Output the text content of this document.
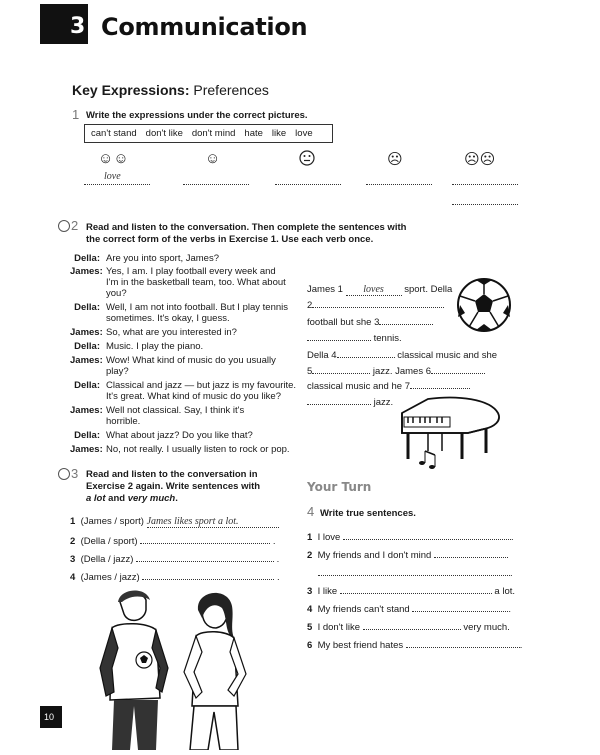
3 Communication
Key Expressions: Preferences
1 Write the expressions under the correct pictures.
can't stand don't like don't mind hate like love
☺☺	☺	☹	☹☹
love
2 Read and listen to the conversation. Then complete the sentences with
the correct form of the verbs in Exercise 1. Use each verb once.
Della: Are you into sport, James?
James: Yes, I am. I play football every week and
I'm in the basketball team, too. What about
you?
Della: Well, I am not into football. But I play tennis
sometimes. It's okay, I guess.
James: So, what are you interested in?
Della: Music. I play the piano.
James: Wow! What kind of music do you usually
play?
Della: Classical and jazz — but jazz is my favourite.
It's great. What kind of music do you like?
James: Well not classical. Say, I think it's
horrible.
Della: What about jazz? Do you like that?
James: No, not really. I usually listen to rock or pop.
James 1 loves sport. Della
2
football but she 3
tennis.
Della 4	classical music and she
5	jazz. James 6
classical music and he 7
jazz.
3 Read and listen to the conversation in
Exercise 2 again. Write sentences with
a lot and very much.
1 (James / sport) James likes sport a lot.
2 (Della / sport)	.
3 (Della / jazz)	.
4 (James / jazz)	.
Your Turn
4 Write true sentences.
1 I love	.
2 My friends and I don't mind
.
3 I like	a lot.
4 My friends can't stand	.
5 I don't like	very much.
6 My best friend hates	.
10
